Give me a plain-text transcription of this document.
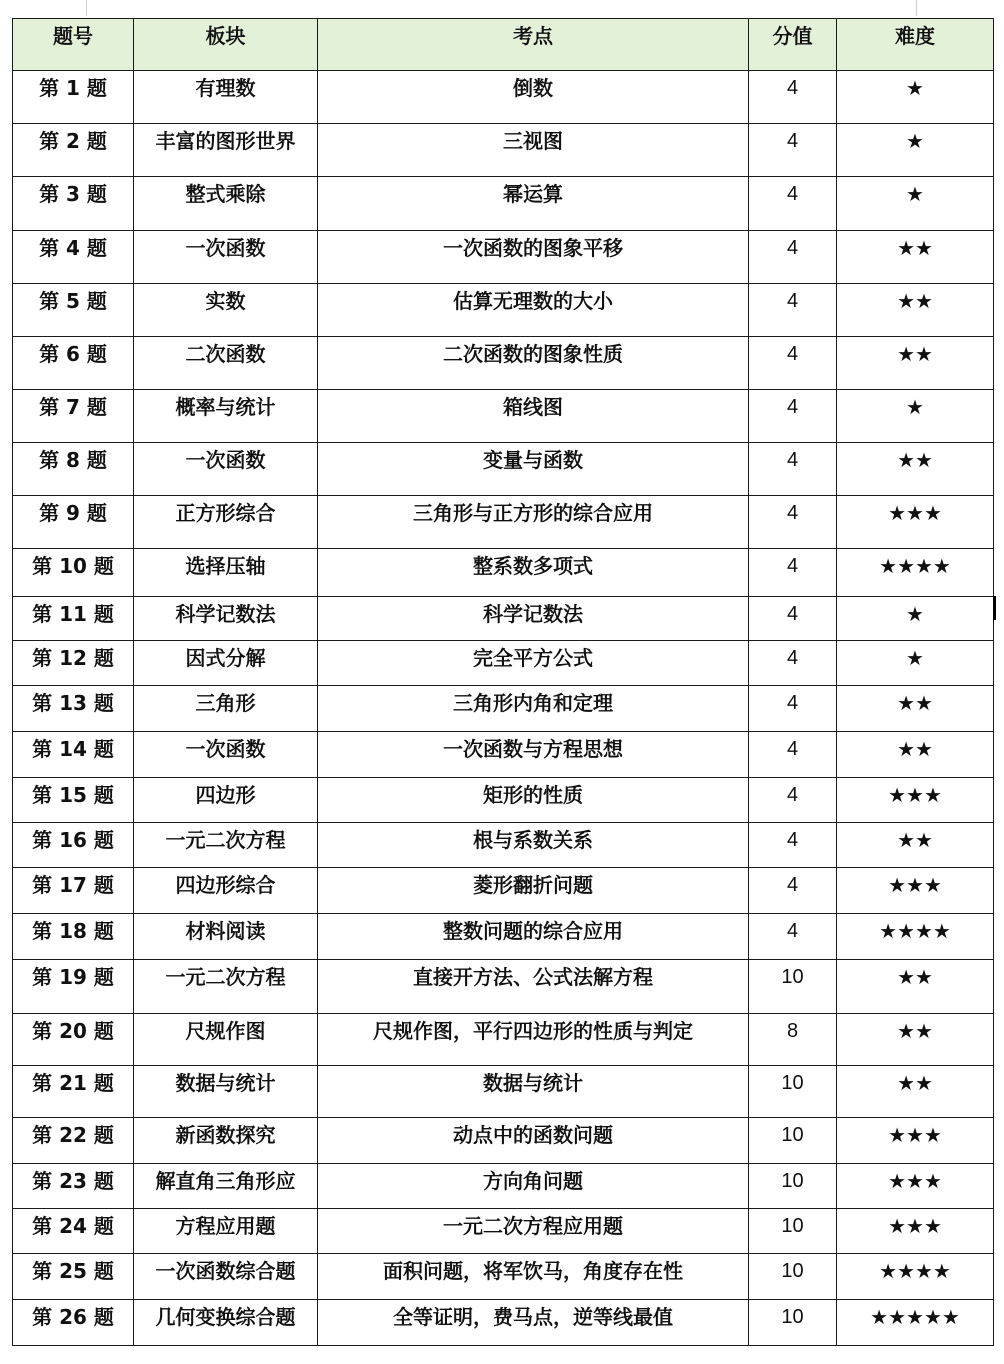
题号	板块	考点	分值	难度
第 1 题	有理数	倒数	4	★
第 2 题	丰富的图形世界	三视图	4	★
第 3 题	整式乘除	幂运算	4	★
第 4 题	一次函数	一次函数的图象平移	4	★★
第 5 题	实数	估算无理数的大小	4	★★
第 6 题	二次函数	二次函数的图象性质	4	★★
第 7 题	概率与统计	箱线图	4	★
第 8 题	一次函数	变量与函数	4	★★
第 9 题	正方形综合	三角形与正方形的综合应用	4	★★★
第 10 题	选择压轴	整系数多项式	4	★★★★
第 11 题	科学记数法	科学记数法	4	★
第 12 题	因式分解	完全平方公式	4	★
第 13 题	三角形	三角形内角和定理	4	★★
第 14 题	一次函数	一次函数与方程思想	4	★★
第 15 题	四边形	矩形的性质	4	★★★
第 16 题	一元二次方程	根与系数关系	4	★★
第 17 题	四边形综合	菱形翻折问题	4	★★★
第 18 题	材料阅读	整数问题的综合应用	4	★★★★
第 19 题	一元二次方程	直接开方法、公式法解方程	10	★★
第 20 题	尺规作图	尺规作图，平行四边形的性质与判定	8	★★
第 21 题	数据与统计	数据与统计	10	★★
第 22 题	新函数探究	动点中的函数问题	10	★★★
第 23 题	解直角三角形应	方向角问题	10	★★★
第 24 题	方程应用题	一元二次方程应用题	10	★★★
第 25 题	一次函数综合题	面积问题，将军饮马，角度存在性	10	★★★★
第 26 题	几何变换综合题	全等证明，费马点，逆等线最值	10	★★★★★
